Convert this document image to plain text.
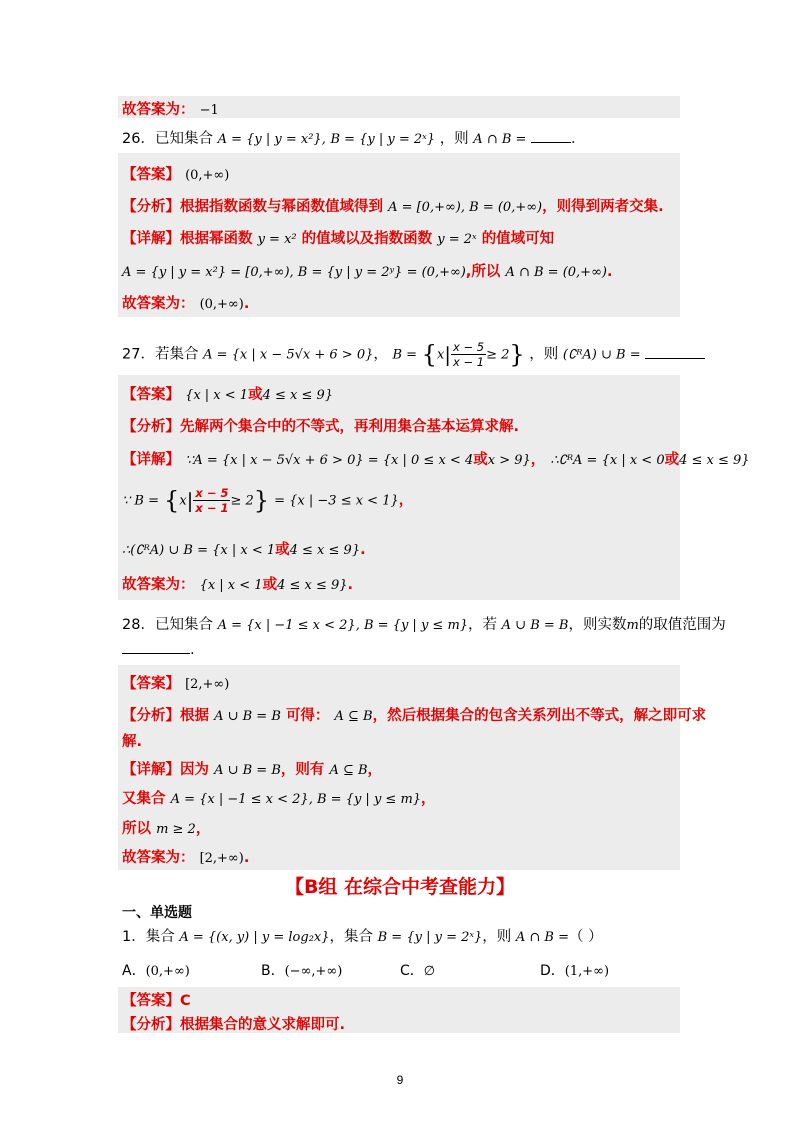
故答案为： −1
26．已知集合 A = {y | y = x²}, B = {y | y = 2ˣ} ，则 A ∩ B =	．
【答案】 (0,+∞)
【分析】根据指数函数与幂函数值域得到 A = [0,+∞), B = (0,+∞)，则得到两者交集.
【详解】根据幂函数 y = x² 的值域以及指数函数 y = 2ˣ 的值域可知
A = {y | y = x²} = [0,+∞), B = {y | y = 2ʸ} = (0,+∞),所以 A ∩ B = (0,+∞).
故答案为： (0,+∞).
27．若集合 A = {x | x − 5√x + 6 > 0}， $B = \{x| \frac{x - 5}{x - 1} \ge 2\}$ ，则 (∁ᴿA) ∪ B =
【答案】 {x | x < 1或4 ≤ x ≤ 9}
【分析】先解两个集合中的不等式，再利用集合基本运算求解.
【详解】 ∵A = {x | x − 5√x + 6 > 0} = {x | 0 ≤ x < 4或x > 9}， ∴∁ᴿA = {x | x < 0或4 ≤ x ≤ 9}
∵ $B = \{x| \frac{x - 5}{x - 1} \ge 2\} = \{x$ | −3 ≤ x < 1}，
∴(∁ᴿA) ∪ B = {x | x < 1或4 ≤ x ≤ 9}.
故答案为： {x | x < 1或4 ≤ x ≤ 9}.
28．已知集合 A = {x | −1 ≤ x < 2}, B = {y | y ≤ m}，若 A ∪ B = B，则实数m的取值范围为
.
【答案】 [2,+∞)
【分析】根据 A ∪ B = B 可得： A ⊆ B，然后根据集合的包含关系列出不等式，解之即可求
解.
【详解】因为 A ∪ B = B，则有 A ⊆ B，
又集合 A = {x | −1 ≤ x < 2}, B = {y | y ≤ m}，
所以 m ≥ 2，
故答案为： [2,+∞).
【B组 在综合中考查能力】
一、单选题
1．集合 A = {(x, y) | y = log₂x}，集合 B = {y | y = 2ˣ}，则 A ∩ B =（ ）
A．(0,+∞)	B．(−∞,+∞)	C．∅	D．(1,+∞)
【答案】C
【分析】根据集合的意义求解即可.
9
